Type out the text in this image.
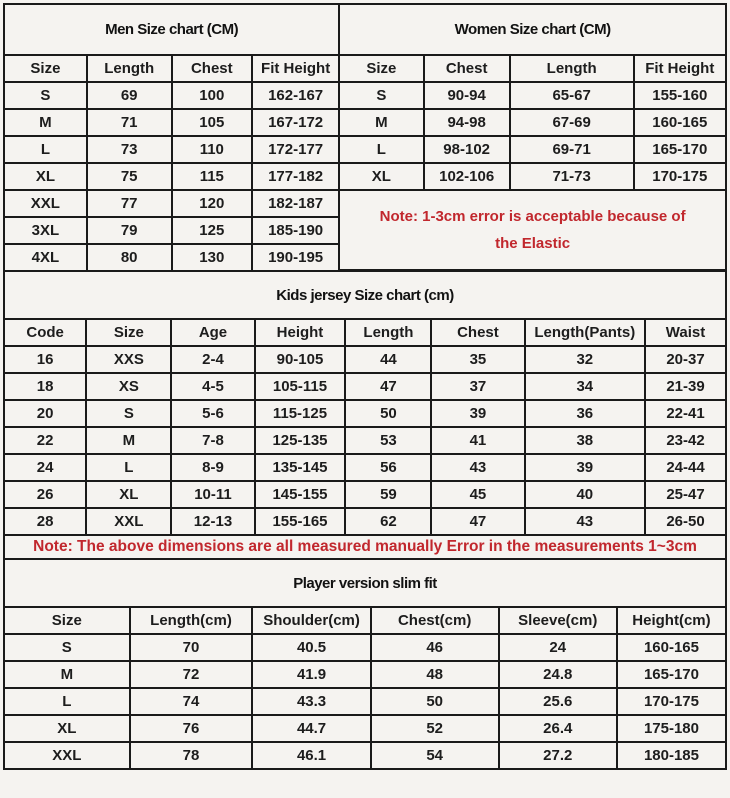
Men Size chart (CM)			
Size	Length	Chest	Fit Height
S	69	100	162-167
M	71	105	167-172
L	73	110	172-177
XL	75	115	177-182
XXL	77	120	182-187
3XL	79	125	185-190
4XL	80	130	190-195
Women Size chart (CM)			
Size	Chest	Length	Fit Height
S	90-94	65-67	155-160
M	94-98	67-69	160-165
L	98-102	69-71	165-170
XL	102-106	71-73	170-175
Note: 1-3cm error is acceptable because of the Elastic
Kids jersey Size chart (cm)							
Code	Size	Age	Height	Length	Chest	Length(Pants)	Waist
16	XXS	2-4	90-105	44	35	32	20-37
18	XS	4-5	105-115	47	37	34	21-39
20	S	5-6	115-125	50	39	36	22-41
22	M	7-8	125-135	53	41	38	23-42
24	L	8-9	135-145	56	43	39	24-44
26	XL	10-11	145-155	59	45	40	25-47
28	XXL	12-13	155-165	62	47	43	26-50
Note: The above dimensions are all measured manually Error in the measurements 1~3cm
Player version slim fit					
Size	Length(cm)	Shoulder(cm)	Chest(cm)	Sleeve(cm)	Height(cm)
S	70	40.5	46	24	160-165
M	72	41.9	48	24.8	165-170
L	74	43.3	50	25.6	170-175
XL	76	44.7	52	26.4	175-180
XXL	78	46.1	54	27.2	180-185
